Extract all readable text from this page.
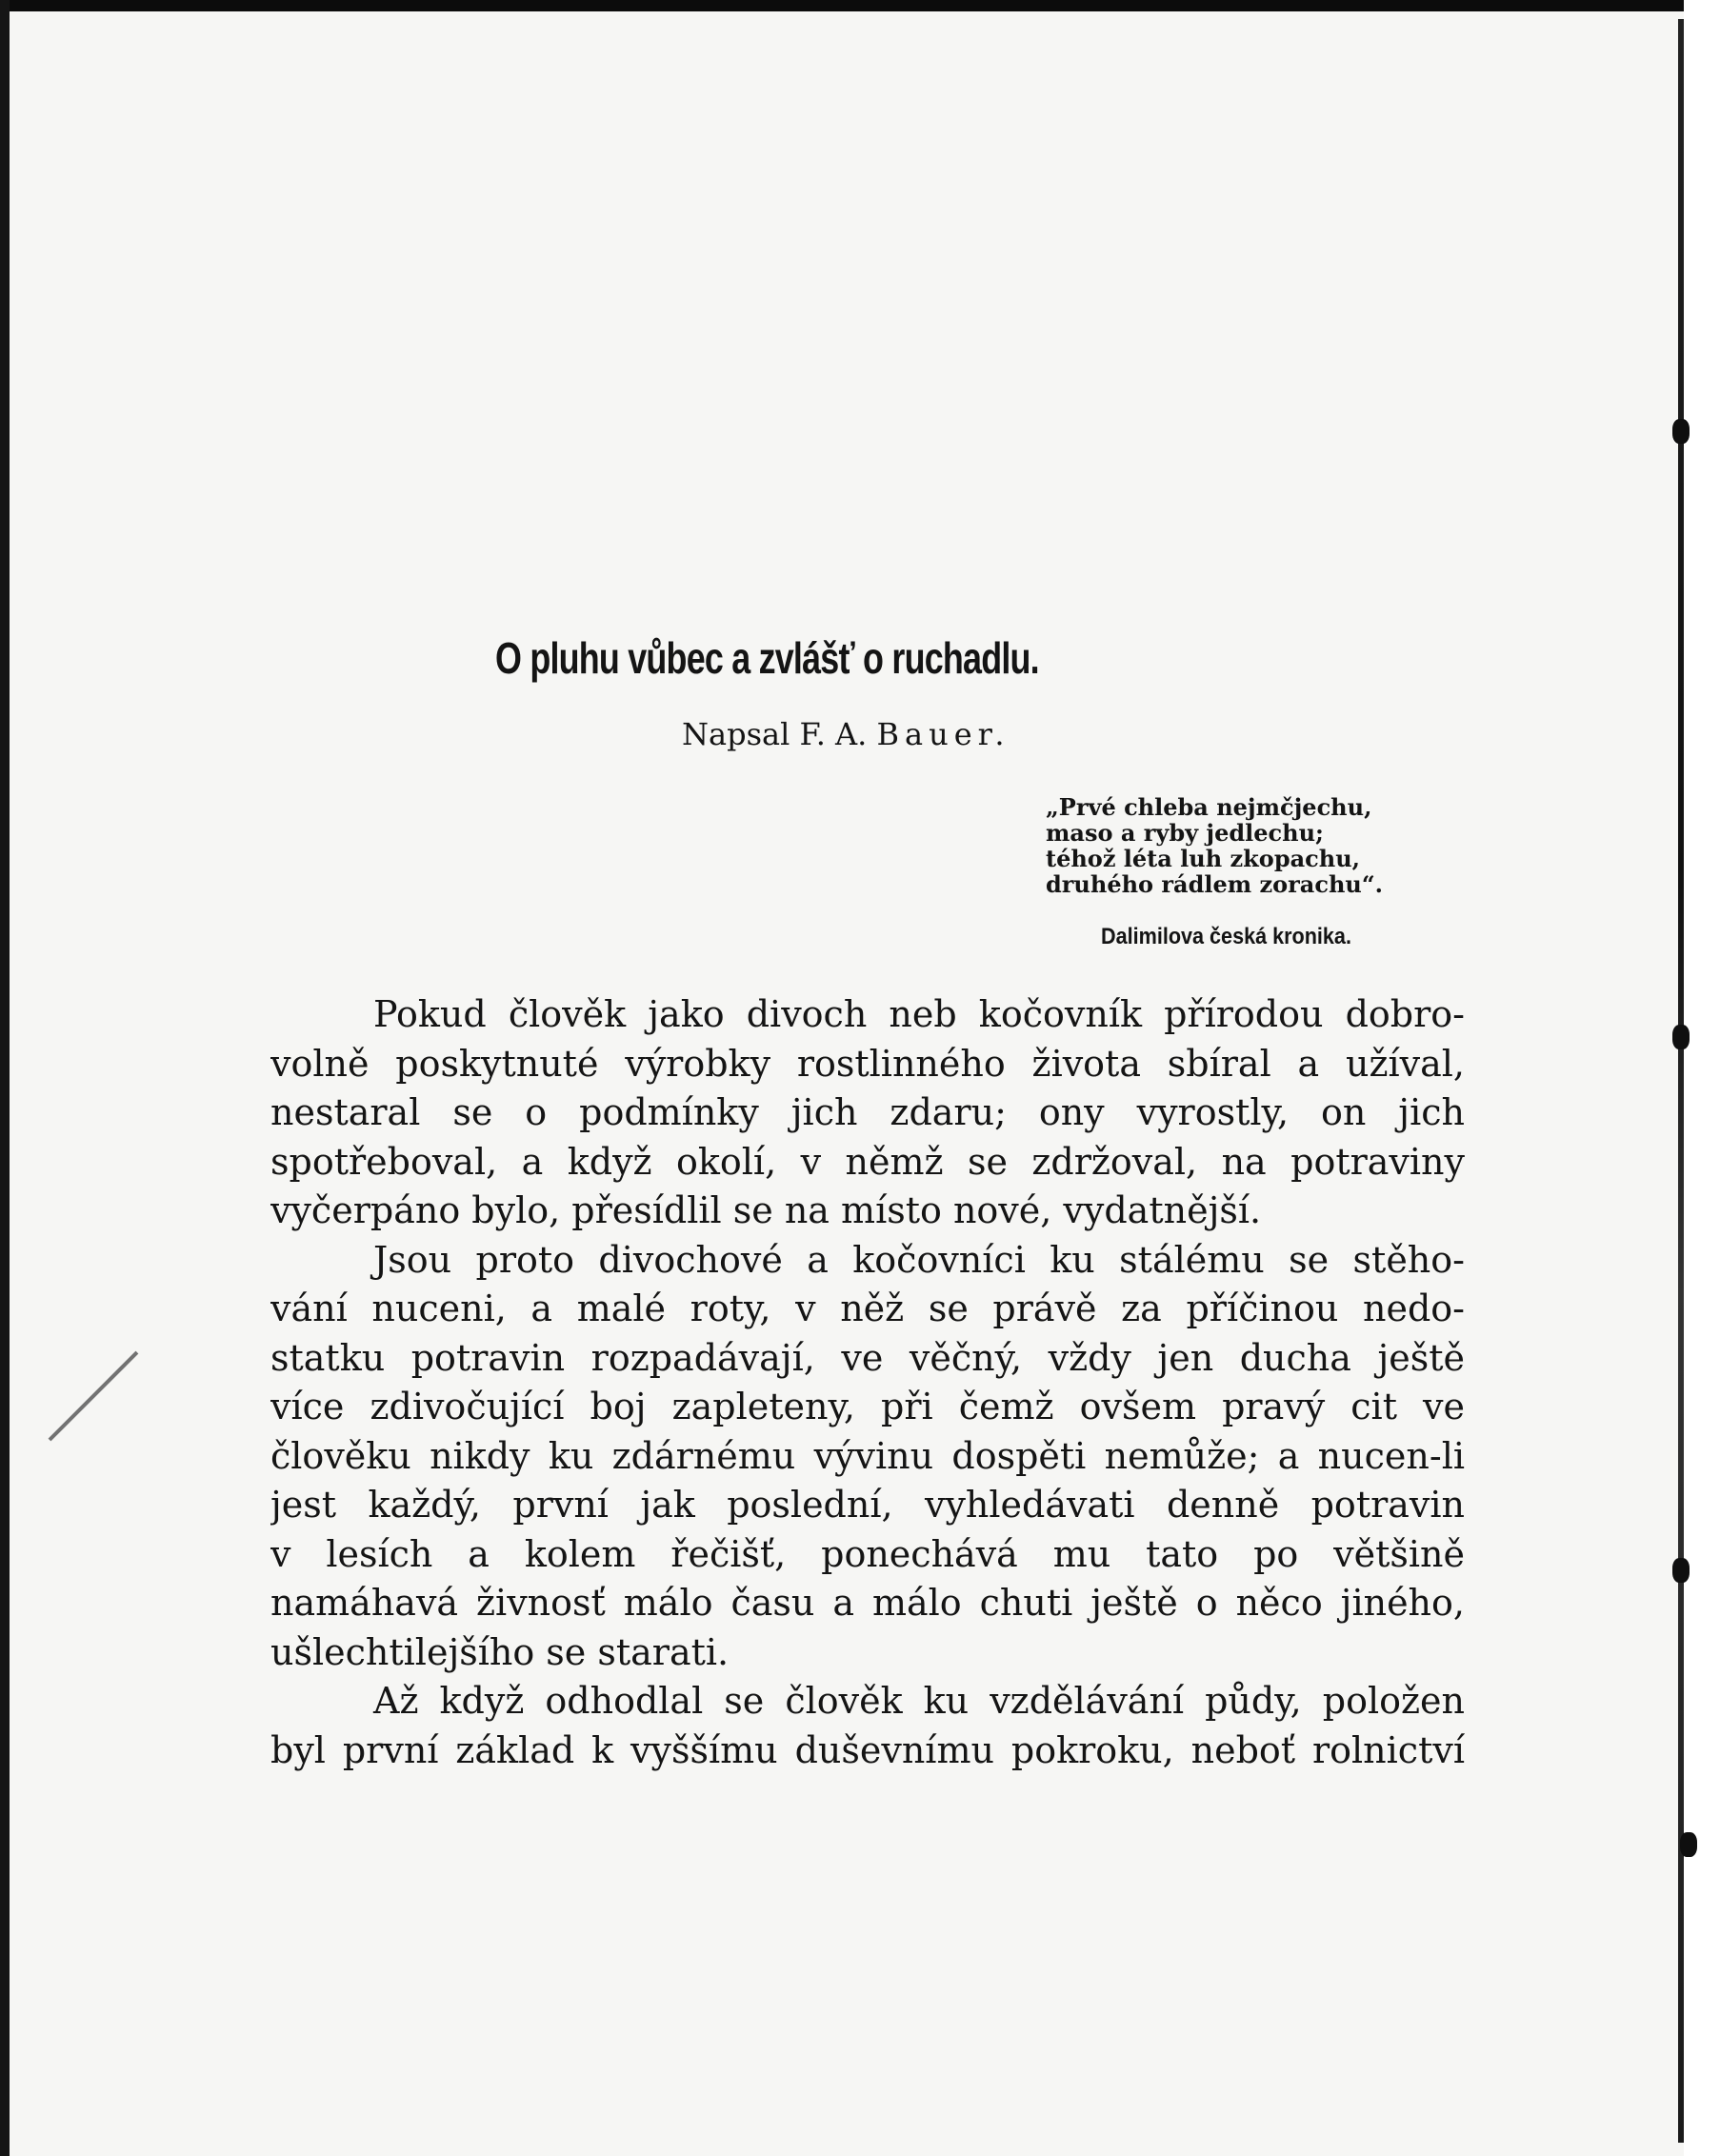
O pluhu vůbec a zvlášť o ruchadlu.
Napsal F. A. Bauer.
„Prvé chleba nejmčjechu,
maso a ryby jedlechu;
téhož léta luh zkopachu,
druhého rádlem zorachu“.
Dalimilova česká kronika.
Pokud člověk jako divoch neb kočovník přírodou dobro-
volně poskytnuté výrobky rostlinného života sbíral a užíval,
nestaral se o podmínky jich zdaru; ony vyrostly, on jich
spotřeboval, a když okolí, v němž se zdržoval, na potraviny
vyčerpáno bylo, přesídlil se na místo nové, vydatnější.
Jsou proto divochové a kočovníci ku stálému se stěho-
vání nuceni, a malé roty, v něž se právě za příčinou nedo-
statku potravin rozpadávají, ve věčný, vždy jen ducha ještě
více zdivočující boj zapleteny, při čemž ovšem pravý cit ve
člověku nikdy ku zdárnému vývinu dospěti nemůže; a nucen-li
jest každý, první jak poslední, vyhledávati denně potravin
v lesích a kolem řečišť, ponechává mu tato po většině
namáhavá živnosť málo času a málo chuti ještě o něco jiného,
ušlechtilejšího se starati.
Až když odhodlal se člověk ku vzdělávání půdy, položen
byl první základ k vyššímu duševnímu pokroku, neboť rolnictví
